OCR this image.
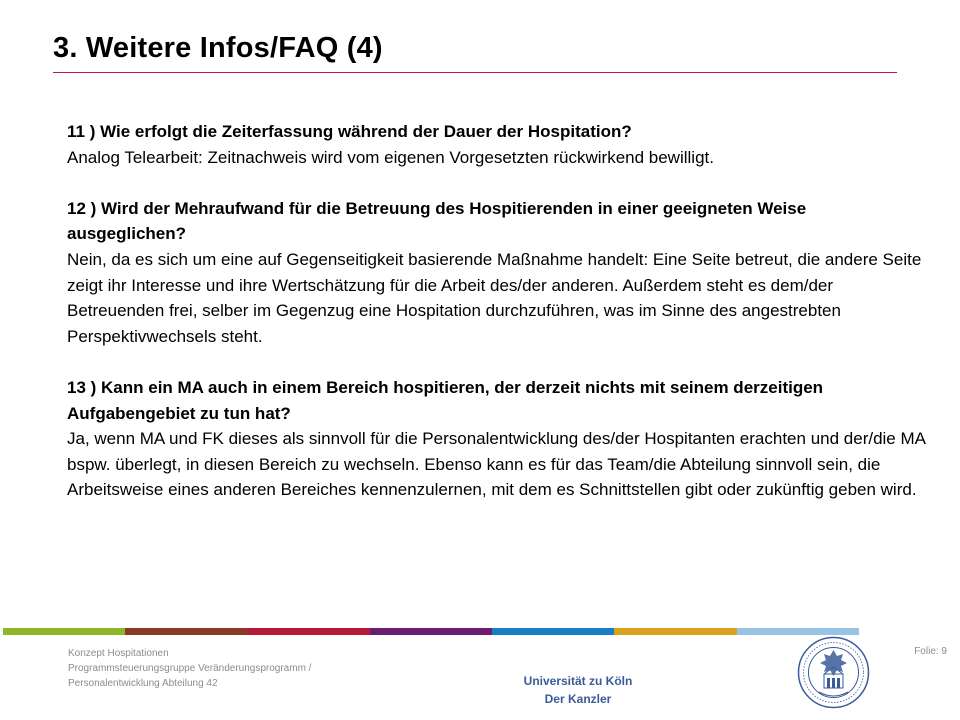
3. Weitere Infos/FAQ (4)

11 ) Wie erfolgt die Zeiterfassung während der Dauer der Hospitation?

Analog Telearbeit: Zeitnachweis wird vom eigenen Vorgesetzten rückwirkend bewilligt.

12 ) Wird der Mehraufwand für die Betreuung des Hospitierenden in einer geeigneten Weise ausgeglichen?

Nein, da es sich um eine auf Gegenseitigkeit basierende Maßnahme handelt: Eine Seite betreut, die andere Seite zeigt ihr Interesse und ihre Wertschätzung für die Arbeit des/der anderen. Außerdem steht es dem/der Betreuenden frei, selber im Gegenzug eine Hospitation durchzuführen, was im Sinne des angestrebten Perspektivwechsels steht.

13 ) Kann ein MA auch in einem Bereich hospitieren, der derzeit nichts mit seinem derzeitigen Aufgabengebiet zu tun hat?

Ja, wenn MA und FK dieses als sinnvoll für die Personalentwicklung des/der Hospitanten erachten und der/die MA bspw. überlegt, in diesen Bereich zu wechseln. Ebenso kann es für das Team/die Abteilung sinnvoll sein, die Arbeitsweise eines anderen Bereiches kennenzulernen, mit dem es Schnittstellen gibt oder zukünftig geben wird.

Konzept Hospitationen
Programmsteuerungsgruppe Veränderungsprogramm /
Personalentwicklung Abteilung 42	Universität zu Köln
Der Kanzler
Folie: 9
